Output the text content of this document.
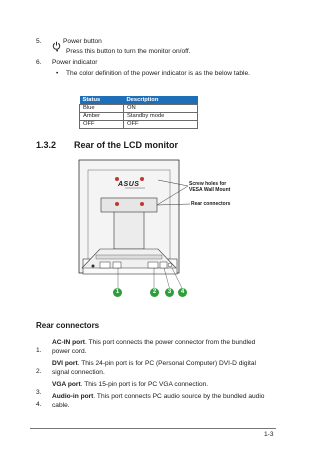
5.	Power button
• Press this button to turn the monitor on/off.
6. Power indicator
• The color definition of the power indicator is as the below table.
Status	Description
Blue	ON
Amber	Standby mode
OFF	OFF
1.3.2 Rear of the LCD monitor
ASUS	Screw holes for
VESA Wall Mount
Rear connectors
1	2	3	4
Rear connectors
1.
AC-IN port. This port connects the power connector from the bundled power cord.
2.
DVI port. This 24-pin port is for PC (Personal Computer) DVI-D digital signal connection.
3.
VGA port. This 15-pin port is for PC VGA connection.
4.
Audio-in port. This port connects PC audio source by the bundled audio cable.
1-3
